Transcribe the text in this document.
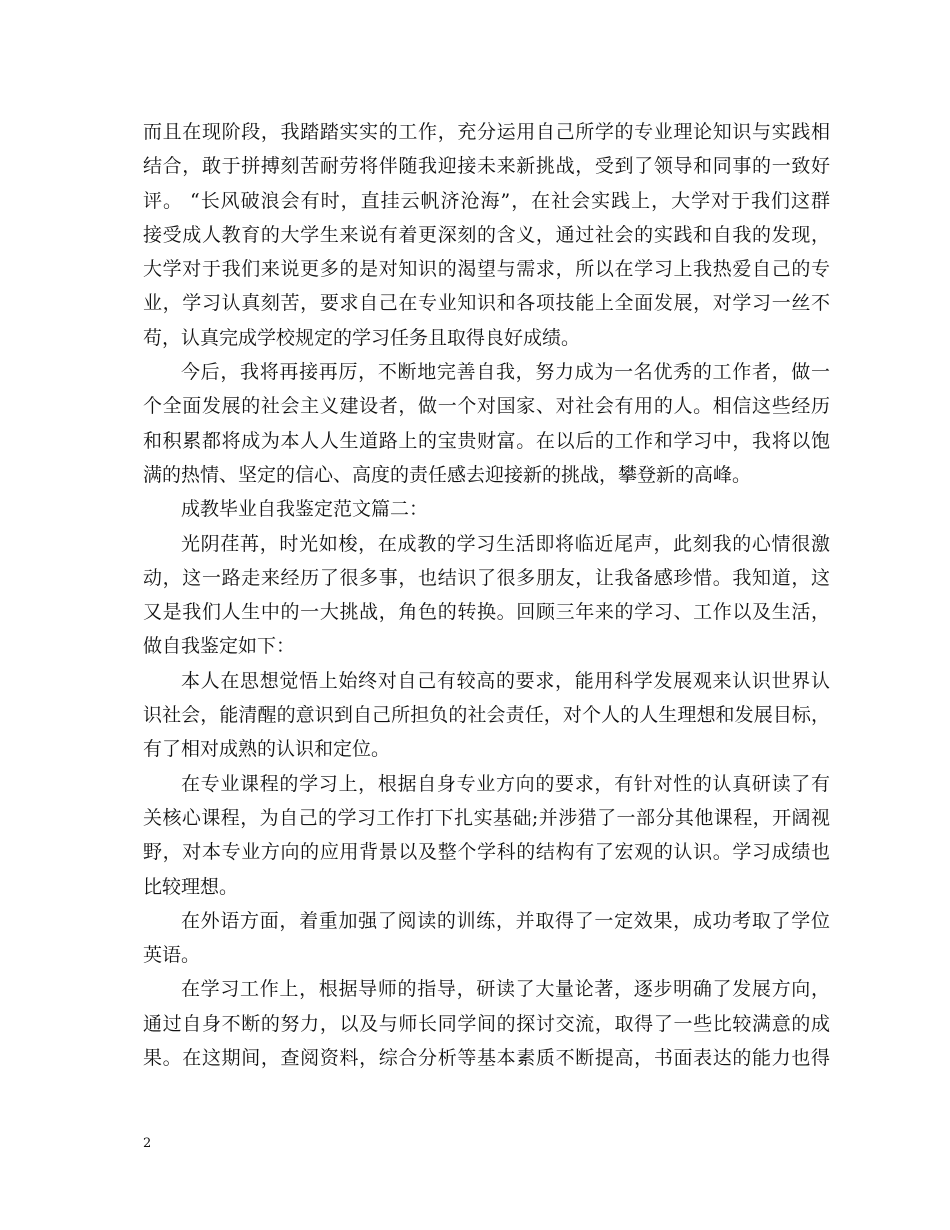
而且在现阶段，我踏踏实实的工作，充分运用自己所学的专业理论知识与实践相
结合，敢于拼搏刻苦耐劳将伴随我迎接未来新挑战，受到了领导和同事的一致好
评。 “长风破浪会有时，直挂云帆济沧海”，在社会实践上，大学对于我们这群
接受成人教育的大学生来说有着更深刻的含义，通过社会的实践和自我的发现，
大学对于我们来说更多的是对知识的渴望与需求，所以在学习上我热爱自己的专
业，学习认真刻苦，要求自己在专业知识和各项技能上全面发展，对学习一丝不
苟，认真完成学校规定的学习任务且取得良好成绩。
今后，我将再接再厉，不断地完善自我，努力成为一名优秀的工作者，做一
个全面发展的社会主义建设者，做一个对国家、对社会有用的人。相信这些经历
和积累都将成为本人人生道路上的宝贵财富。在以后的工作和学习中，我将以饱
满的热情、坚定的信心、高度的责任感去迎接新的挑战，攀登新的高峰。
成教毕业自我鉴定范文篇二：
光阴荏苒，时光如梭，在成教的学习生活即将临近尾声，此刻我的心情很激
动，这一路走来经历了很多事，也结识了很多朋友，让我备感珍惜。我知道，这
又是我们人生中的一大挑战，角色的转换。回顾三年来的学习、工作以及生活，
做自我鉴定如下：
本人在思想觉悟上始终对自己有较高的要求，能用科学发展观来认识世界认
识社会，能清醒的意识到自己所担负的社会责任，对个人的人生理想和发展目标，
有了相对成熟的认识和定位。
在专业课程的学习上，根据自身专业方向的要求，有针对性的认真研读了有
关核心课程，为自己的学习工作打下扎实基础;并涉猎了一部分其他课程，开阔视
野，对本专业方向的应用背景以及整个学科的结构有了宏观的认识。学习成绩也
比较理想。
在外语方面，着重加强了阅读的训练，并取得了一定效果，成功考取了学位
英语。
在学习工作上，根据导师的指导，研读了大量论著，逐步明确了发展方向，
通过自身不断的努力，以及与师长同学间的探讨交流，取得了一些比较满意的成
果。在这期间，查阅资料，综合分析等基本素质不断提高，书面表达的能力也得
2
